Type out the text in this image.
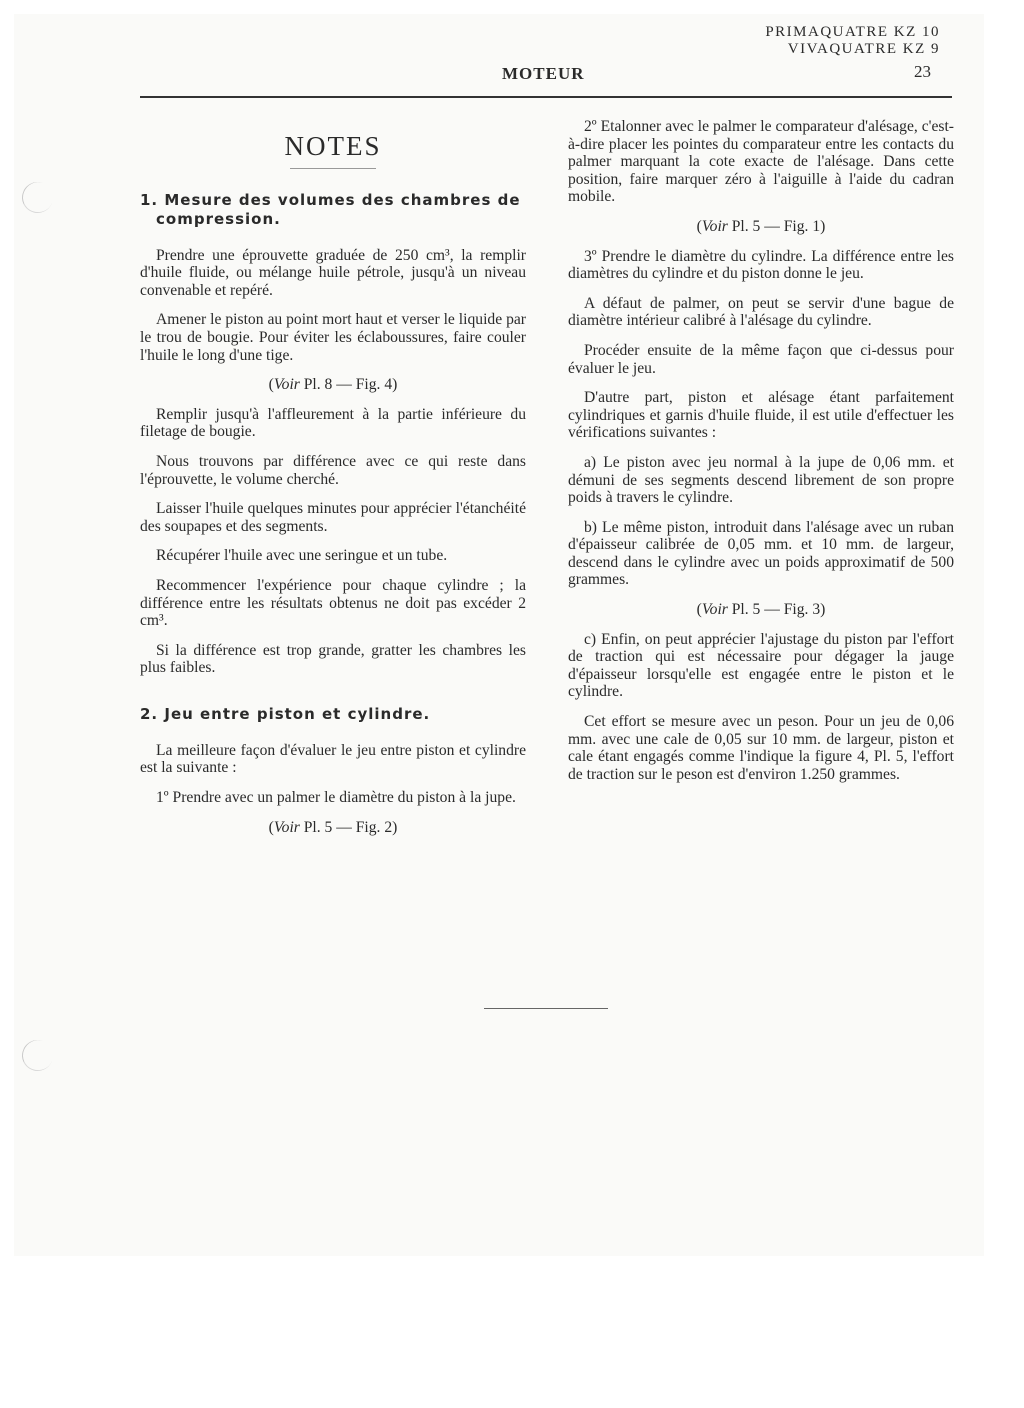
PRIMAQUATRE KZ 10
VIVAQUATRE KZ 9
23
MOTEUR
NOTES
1. Mesure des volumes des chambres de compression.

Prendre une éprouvette graduée de 250 cm³, la remplir d'huile fluide, ou mélange huile pétrole, jusqu'à un niveau convenable et repéré.

Amener le piston au point mort haut et verser le liquide par le trou de bougie. Pour éviter les éclaboussures, faire couler l'huile le long d'une tige.

(Voir Pl. 8 — Fig. 4)

Remplir jusqu'à l'affleurement à la partie inférieure du filetage de bougie.

Nous trouvons par différence avec ce qui reste dans l'éprouvette, le volume cherché.

Laisser l'huile quelques minutes pour apprécier l'étanchéité des soupapes et des segments.

Récupérer l'huile avec une seringue et un tube.

Recommencer l'expérience pour chaque cylindre ; la différence entre les résultats obtenus ne doit pas excéder 2 cm³.

Si la différence est trop grande, gratter les chambres les plus faibles.

2. Jeu entre piston et cylindre.

La meilleure façon d'évaluer le jeu entre piston et cylindre est la suivante :

1º Prendre avec un palmer le diamètre du piston à la jupe.

(Voir Pl. 5 — Fig. 2)

2º Etalonner avec le palmer le comparateur d'alésage, c'est-à-dire placer les pointes du comparateur entre les contacts du palmer marquant la cote exacte de l'alésage. Dans cette position, faire marquer zéro à l'aiguille à l'aide du cadran mobile.

(Voir Pl. 5 — Fig. 1)

3º Prendre le diamètre du cylindre. La différence entre les diamètres du cylindre et du piston donne le jeu.

A défaut de palmer, on peut se servir d'une bague de diamètre intérieur calibré à l'alésage du cylindre.

Procéder ensuite de la même façon que ci-dessus pour évaluer le jeu.

D'autre part, piston et alésage étant parfaitement cylindriques et garnis d'huile fluide, il est utile d'effectuer les vérifications suivantes :

a) Le piston avec jeu normal à la jupe de 0,06 mm. et démuni de ses segments descend librement de son propre poids à travers le cylindre.

b) Le même piston, introduit dans l'alésage avec un ruban d'épaisseur calibrée de 0,05 mm. et 10 mm. de largeur, descend dans le cylindre avec un poids approximatif de 500 grammes.

(Voir Pl. 5 — Fig. 3)

c) Enfin, on peut apprécier l'ajustage du piston par l'effort de traction qui est nécessaire pour dégager la jauge d'épaisseur lorsqu'elle est engagée entre le piston et le cylindre.

Cet effort se mesure avec un peson. Pour un jeu de 0,06 mm. avec une cale de 0,05 sur 10 mm. de largeur, piston et cale étant engagés comme l'indique la figure 4, Pl. 5, l'effort de traction sur le peson est d'environ 1.250 grammes.
